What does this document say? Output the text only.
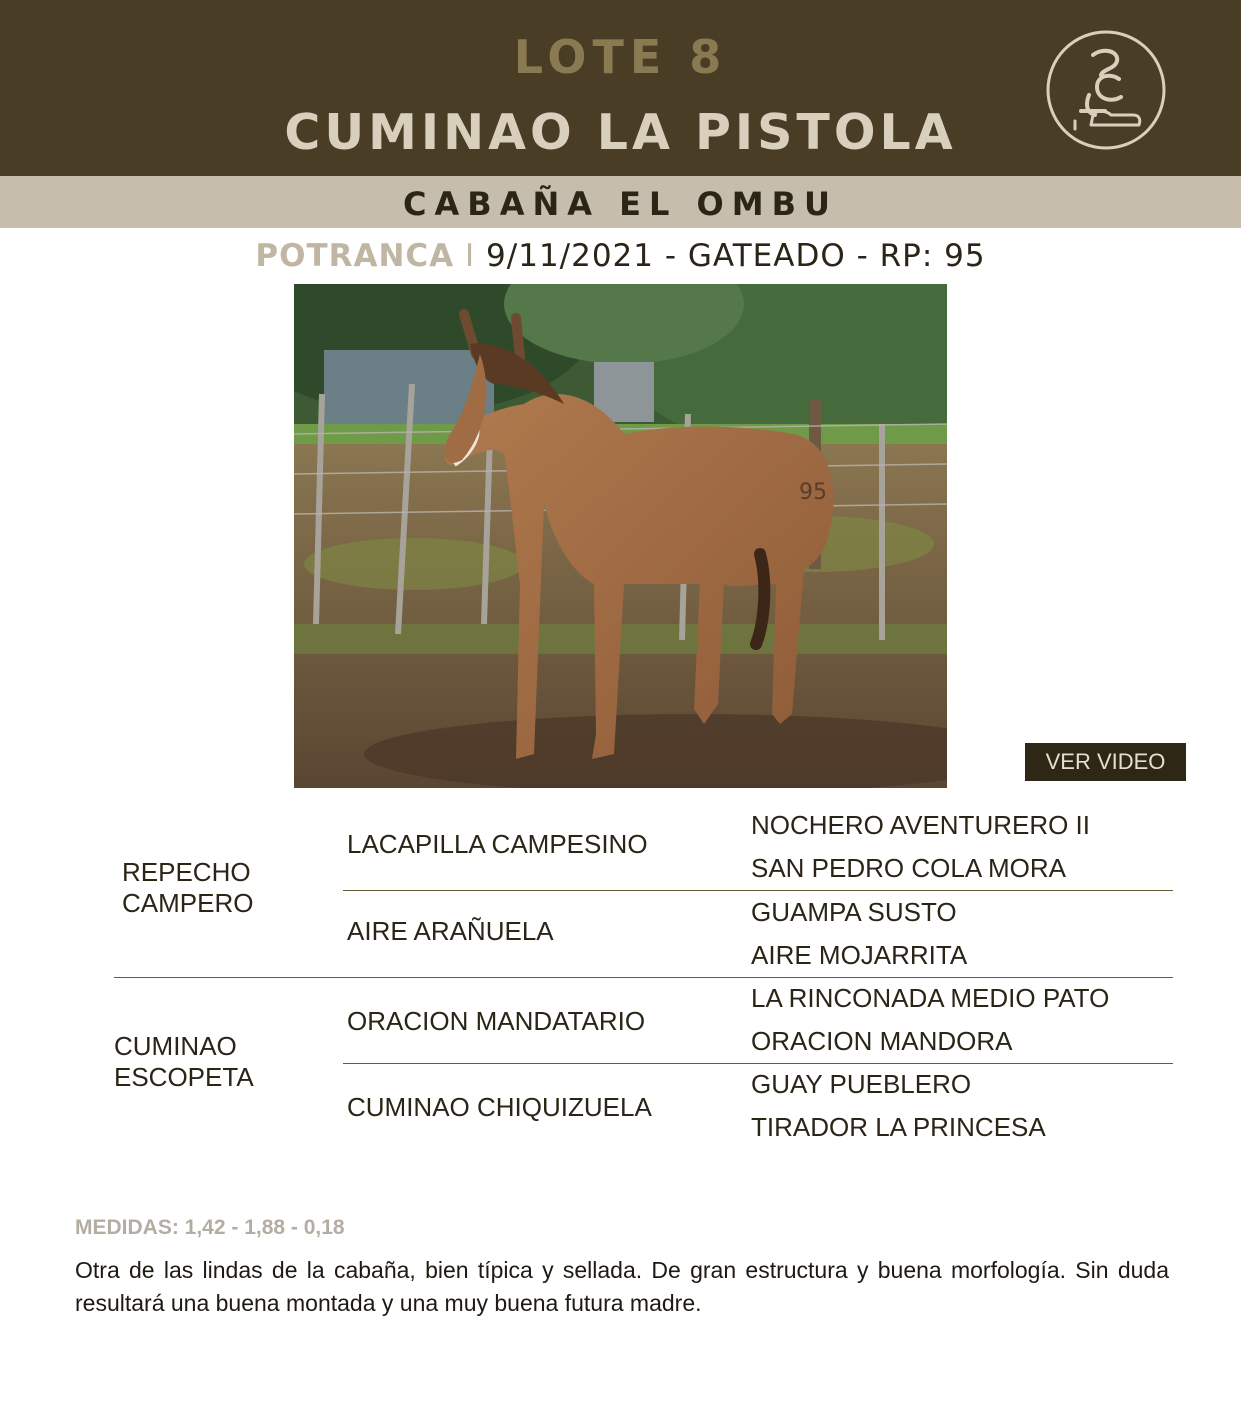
LOTE 8
CUMINAO LA PISTOLA
CABAÑA EL OMBU
POTRANCA I 9/11/2021 - GATEADO - RP: 95
95
VER VIDEO
REPECHO
CAMPERO
LACAPILLA CAMPESINO
NOCHERO AVENTURERO II
SAN PEDRO COLA MORA
AIRE ARAÑUELA
GUAMPA SUSTO
AIRE MOJARRITA
CUMINAO
ESCOPETA
ORACION MANDATARIO
LA RINCONADA MEDIO PATO
ORACION MANDORA
CUMINAO CHIQUIZUELA
GUAY PUEBLERO
TIRADOR LA PRINCESA
MEDIDAS: 1,42 - 1,88 - 0,18
Otra de las lindas de la cabaña, bien típica y sellada. De gran estructura y buena morfología. Sin duda resultará una buena montada y una muy buena futura madre.
